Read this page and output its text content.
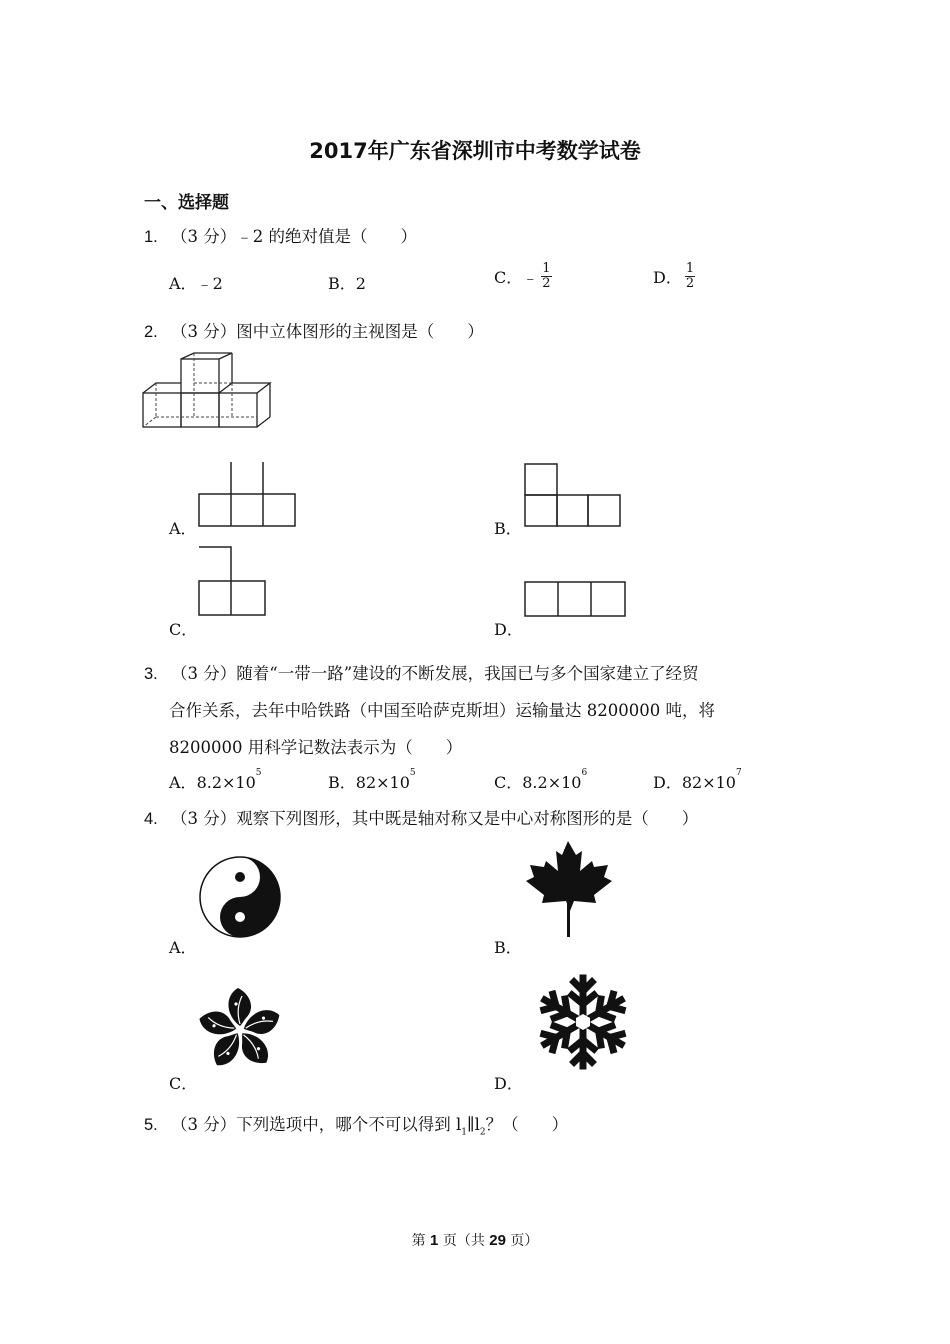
2017年广东省深圳市中考数学试卷
一、选择题
1. （3 分）﹣2 的绝对值是（　　）
A．﹣2	B．2	C．﹣ $\frac{1}{2}$	D． $\frac{1}{2}$
2. （3 分）图中立体图形的主视图是（　　）
A．	B．
C．	D．
3. （3 分）随着“一带一路”建设的不断发展，我国已与多个国家建立了经贸
合作关系，去年中哈铁路（中国至哈萨克斯坦）运输量达 8200000 吨，将
8200000 用科学记数法表示为（　　）
A．$8.2\times 10^5$	B．$82\times 10^5$	C．$8.2\times 10^6$	D．$82\times 10^7$
4. （3 分）观察下列图形，其中既是轴对称又是中心对称图形的是（　　）
A．	B．
C．	D．
5. （3 分）下列选项中，哪个不可以得到 $l_1\parallel l_2$？（　　）
第 1 页（共 29 页）
